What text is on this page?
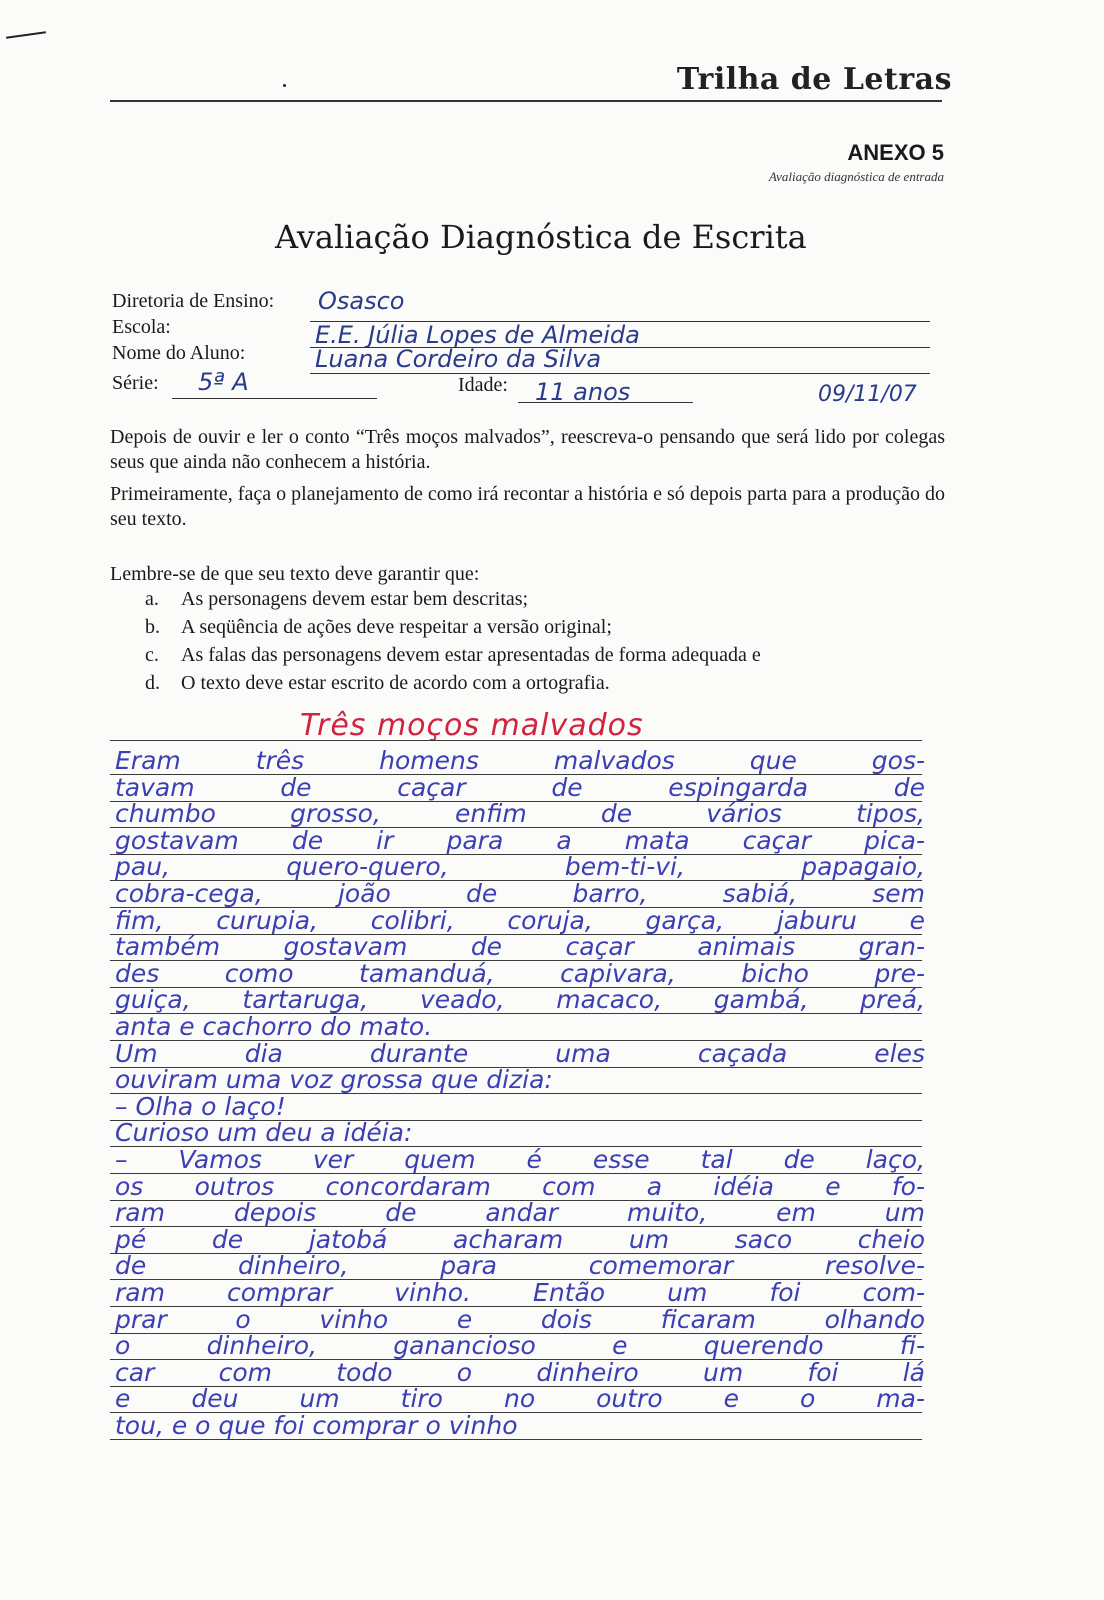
Trilha de Letras
ANEXO 5
Avaliação diagnóstica de entrada
Avaliação Diagnóstica de Escrita
Diretoria de Ensino: Osasco
Escola:	E.E. Júlia Lopes de Almeida
Nome do Aluno:	Luana Cordeiro da Silva
Série: 5ª A	Idade: 11 anos	09/11/07
Depois de ouvir e ler o conto “Três moços malvados”, reescreva-o pensando que será lido por colegas seus que ainda não conhecem a história.
Primeiramente, faça o planejamento de como irá recontar a história e só depois parta para a produção do seu texto.
Lembre-se de que seu texto deve garantir que:
a.	As personagens devem estar bem descritas;
b.	A seqüência de ações deve respeitar a versão original;
c.	As falas das personagens devem estar apresentadas de forma adequada e
d.	O texto deve estar escrito de acordo com a ortografia.
Três moços malvados
Eram três homens malvados que gos-
tavam de caçar de espingarda de
chumbo grosso, enfim de vários tipos,
gostavam de ir para a mata caçar pica-
pau, quero-quero, bem-ti-vi, papagaio,
cobra-cega, joão de barro, sabiá, sem
fim, curupia, colibri, coruja, garça, jaburu e
também gostavam de caçar animais gran-
des como tamanduá, capivara, bicho pre-
guiça, tartaruga, veado, macaco, gambá, preá,
anta e cachorro do mato.
Um dia durante uma caçada eles
ouviram uma voz grossa que dizia:
– Olha o laço!
Curioso um deu a idéia:
– Vamos ver quem é esse tal de laço,
os outros concordaram com a idéia e fo-
ram depois de andar muito, em um
pé de jatobá acharam um saco cheio
de dinheiro, para comemorar resolve-
ram comprar vinho. Então um foi com-
prar o vinho e dois ficaram olhando
o dinheiro, ganancioso e querendo fi-
car com todo o dinheiro um foi lá
e deu um tiro no outro e o ma-
tou, e o que foi comprar o vinho
